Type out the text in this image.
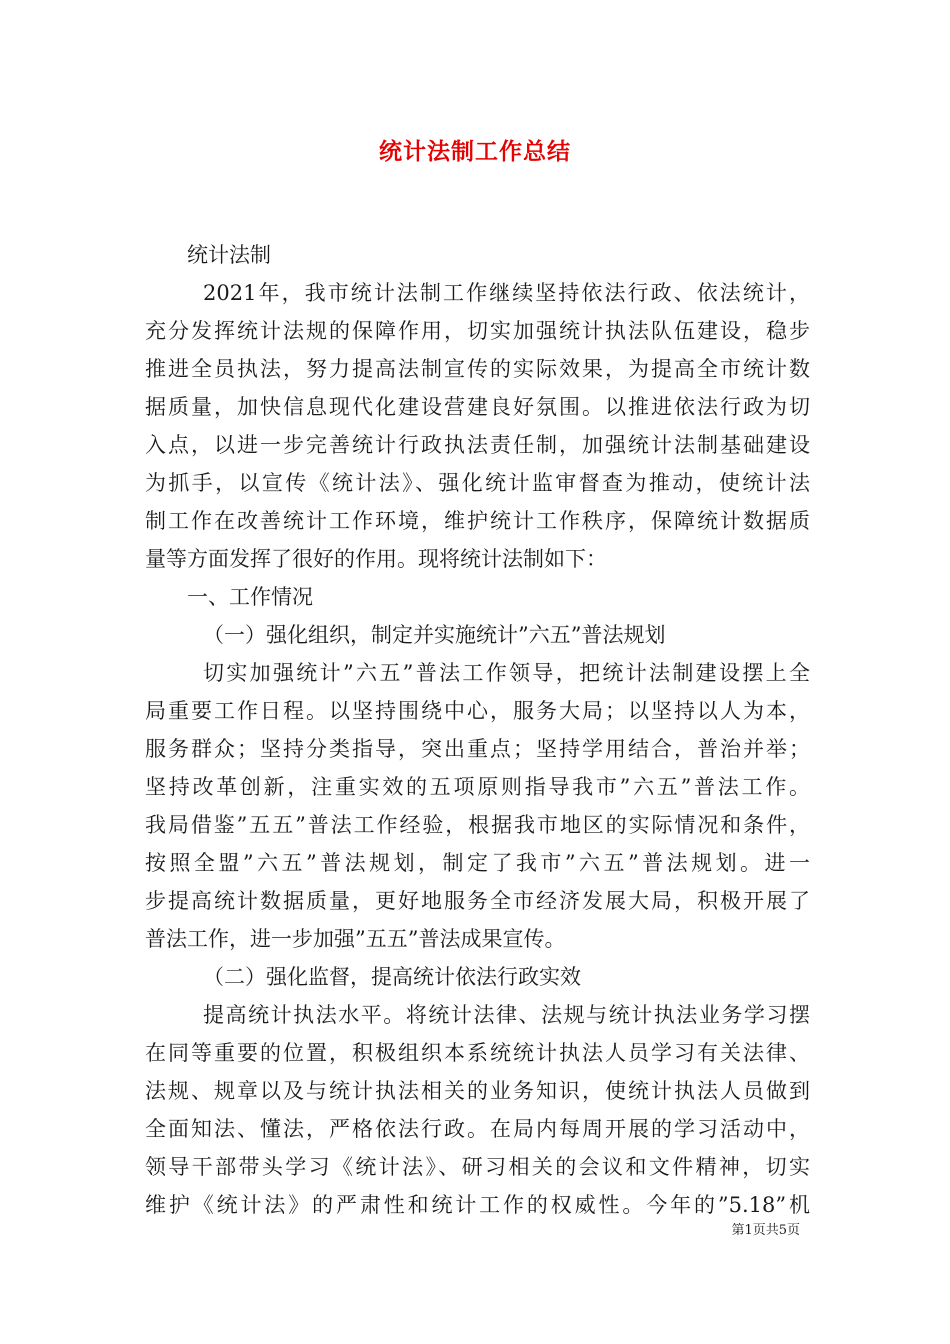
统计法制工作总结
统计法制
2021年，我市统计法制工作继续坚持依法行政、依法统计，
充分发挥统计法规的保障作用，切实加强统计执法队伍建设，稳步
推进全员执法，努力提高法制宣传的实际效果，为提高全市统计数
据质量，加快信息现代化建设营建良好氛围。以推进依法行政为切
入点，以进一步完善统计行政执法责任制，加强统计法制基础建设
为抓手，以宣传《统计法》、强化统计监审督查为推动，使统计法
制工作在改善统计工作环境，维护统计工作秩序，保障统计数据质
量等方面发挥了很好的作用。现将统计法制如下：
一、工作情况
（一）强化组织，制定并实施统计”六五”普法规划
切实加强统计”六五”普法工作领导，把统计法制建设摆上全
局重要工作日程。以坚持围绕中心，服务大局；以坚持以人为本，
服务群众；坚持分类指导，突出重点；坚持学用结合，普治并举；
坚持改革创新，注重实效的五项原则指导我市”六五”普法工作。
我局借鉴”五五”普法工作经验，根据我市地区的实际情况和条件，
按照全盟”六五”普法规划，制定了我市”六五”普法规划。进一
步提高统计数据质量，更好地服务全市经济发展大局，积极开展了
普法工作，进一步加强”五五”普法成果宣传。
（二）强化监督，提高统计依法行政实效
提高统计执法水平。将统计法律、法规与统计执法业务学习摆
在同等重要的位置，积极组织本系统统计执法人员学习有关法律、
法规、规章以及与统计执法相关的业务知识，使统计执法人员做到
全面知法、懂法，严格依法行政。在局内每周开展的学习活动中，
领导干部带头学习《统计法》、研习相关的会议和文件精神，切实
维护《统计法》的严肃性和统计工作的权威性。今年的”5.18”机
第1页共5页
